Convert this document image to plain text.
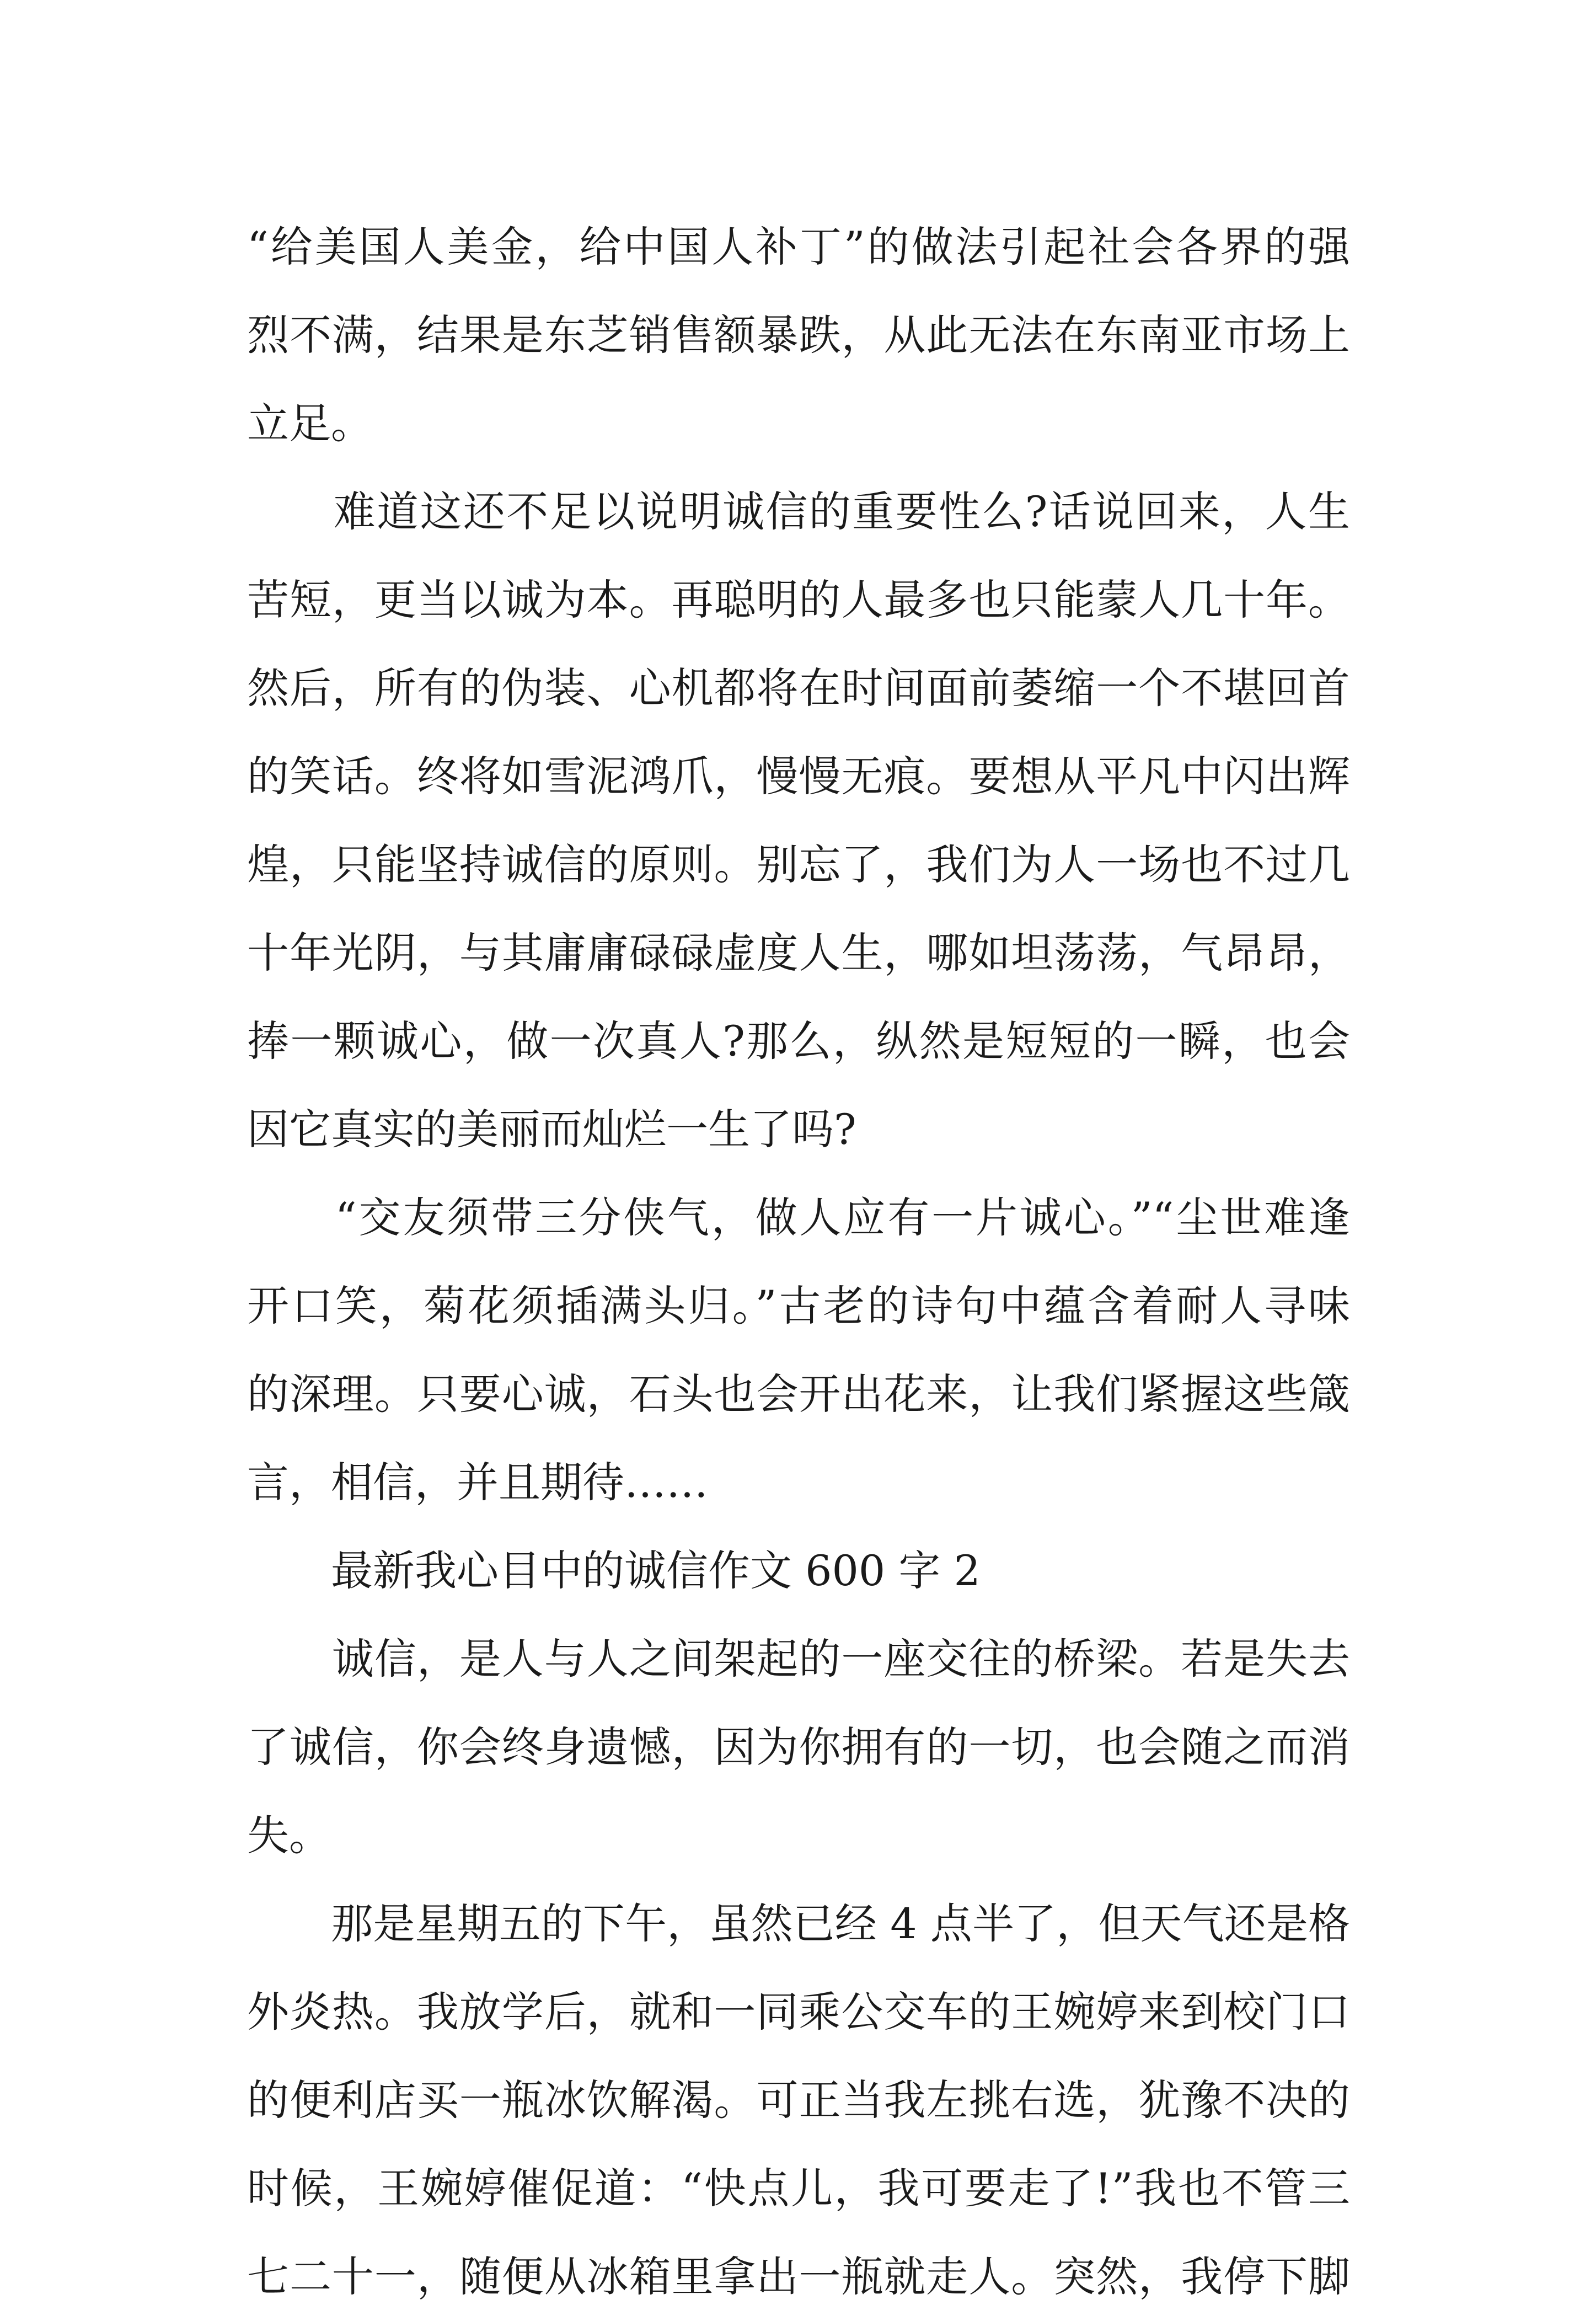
“给美国人美金，给中国人补丁”的做法引起社会各界的强
烈不满，结果是东芝销售额暴跌，从此无法在东南亚市场上
立足。
　　难道这还不足以说明诚信的重要性么?话说回来，人生
苦短，更当以诚为本。再聪明的人最多也只能蒙人几十年。
然后，所有的伪装、心机都将在时间面前萎缩一个不堪回首
的笑话。终将如雪泥鸿爪，慢慢无痕。要想从平凡中闪出辉
煌，只能坚持诚信的原则。别忘了，我们为人一场也不过几
十年光阴，与其庸庸碌碌虚度人生，哪如坦荡荡，气昂昂，
捧一颗诚心，做一次真人?那么，纵然是短短的一瞬，也会
因它真实的美丽而灿烂一生了吗?
　　“交友须带三分侠气，做人应有一片诚心。”“尘世难逢
开口笑，菊花须插满头归。”古老的诗句中蕴含着耐人寻味
的深理。只要心诚，石头也会开出花来，让我们紧握这些箴
言，相信，并且期待……
最新我心目中的诚信作文 600 字 2
　　诚信，是人与人之间架起的一座交往的桥梁。若是失去
了诚信，你会终身遗憾，因为你拥有的一切，也会随之而消
失。
　　那是星期五的下午，虽然已经 4 点半了，但天气还是格
外炎热。我放学后，就和一同乘公交车的王婉婷来到校门口
的便利店买一瓶冰饮解渴。可正当我左挑右选，犹豫不决的
时候，王婉婷催促道：“快点儿，我可要走了!”我也不管三
七二十一，随便从冰箱里拿出一瓶就走人。突然，我停下脚
